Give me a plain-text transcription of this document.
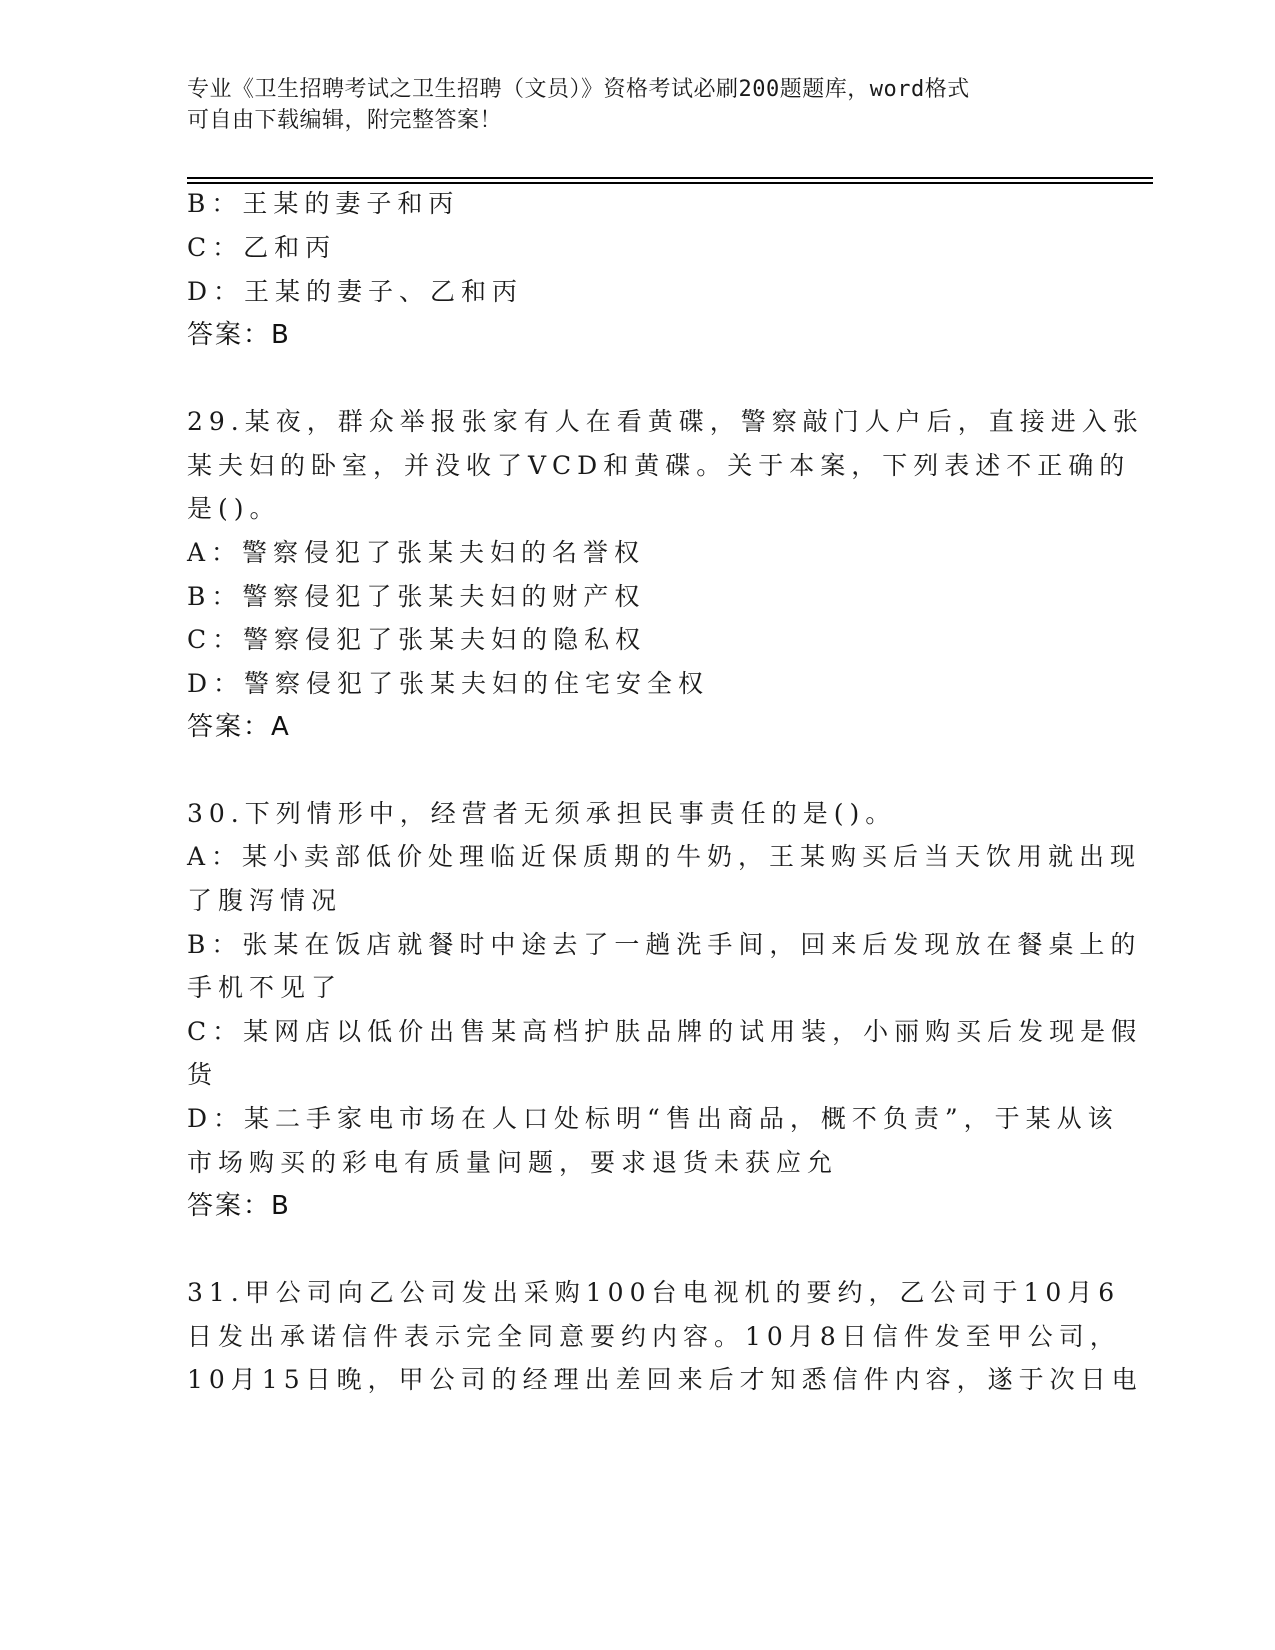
专业《卫生招聘考试之卫生招聘（文员）》资格考试必刷200题题库，word格式
可自由下载编辑，附完整答案！
B：王某的妻子和丙
C：乙和丙
D：王某的妻子、乙和丙
答案：B
29.某夜，群众举报张家有人在看黄碟，警察敲门人户后，直接进入张
某夫妇的卧室，并没收了VCD和黄碟。关于本案，下列表述不正确的
是()。
A：警察侵犯了张某夫妇的名誉权
B：警察侵犯了张某夫妇的财产权
C：警察侵犯了张某夫妇的隐私权
D：警察侵犯了张某夫妇的住宅安全权
答案：A
30.下列情形中，经营者无须承担民事责任的是()。
A：某小卖部低价处理临近保质期的牛奶，王某购买后当天饮用就出现
了腹泻情况
B：张某在饭店就餐时中途去了一趟洗手间，回来后发现放在餐桌上的
手机不见了
C：某网店以低价出售某高档护肤品牌的试用装，小丽购买后发现是假
货
D：某二手家电市场在人口处标明“售出商品，概不负责”，于某从该
市场购买的彩电有质量问题，要求退货未获应允
答案：B
31.甲公司向乙公司发出采购100台电视机的要约，乙公司于10月6
日发出承诺信件表示完全同意要约内容。10月8日信件发至甲公司，
10月15日晚，甲公司的经理出差回来后才知悉信件内容，遂于次日电
